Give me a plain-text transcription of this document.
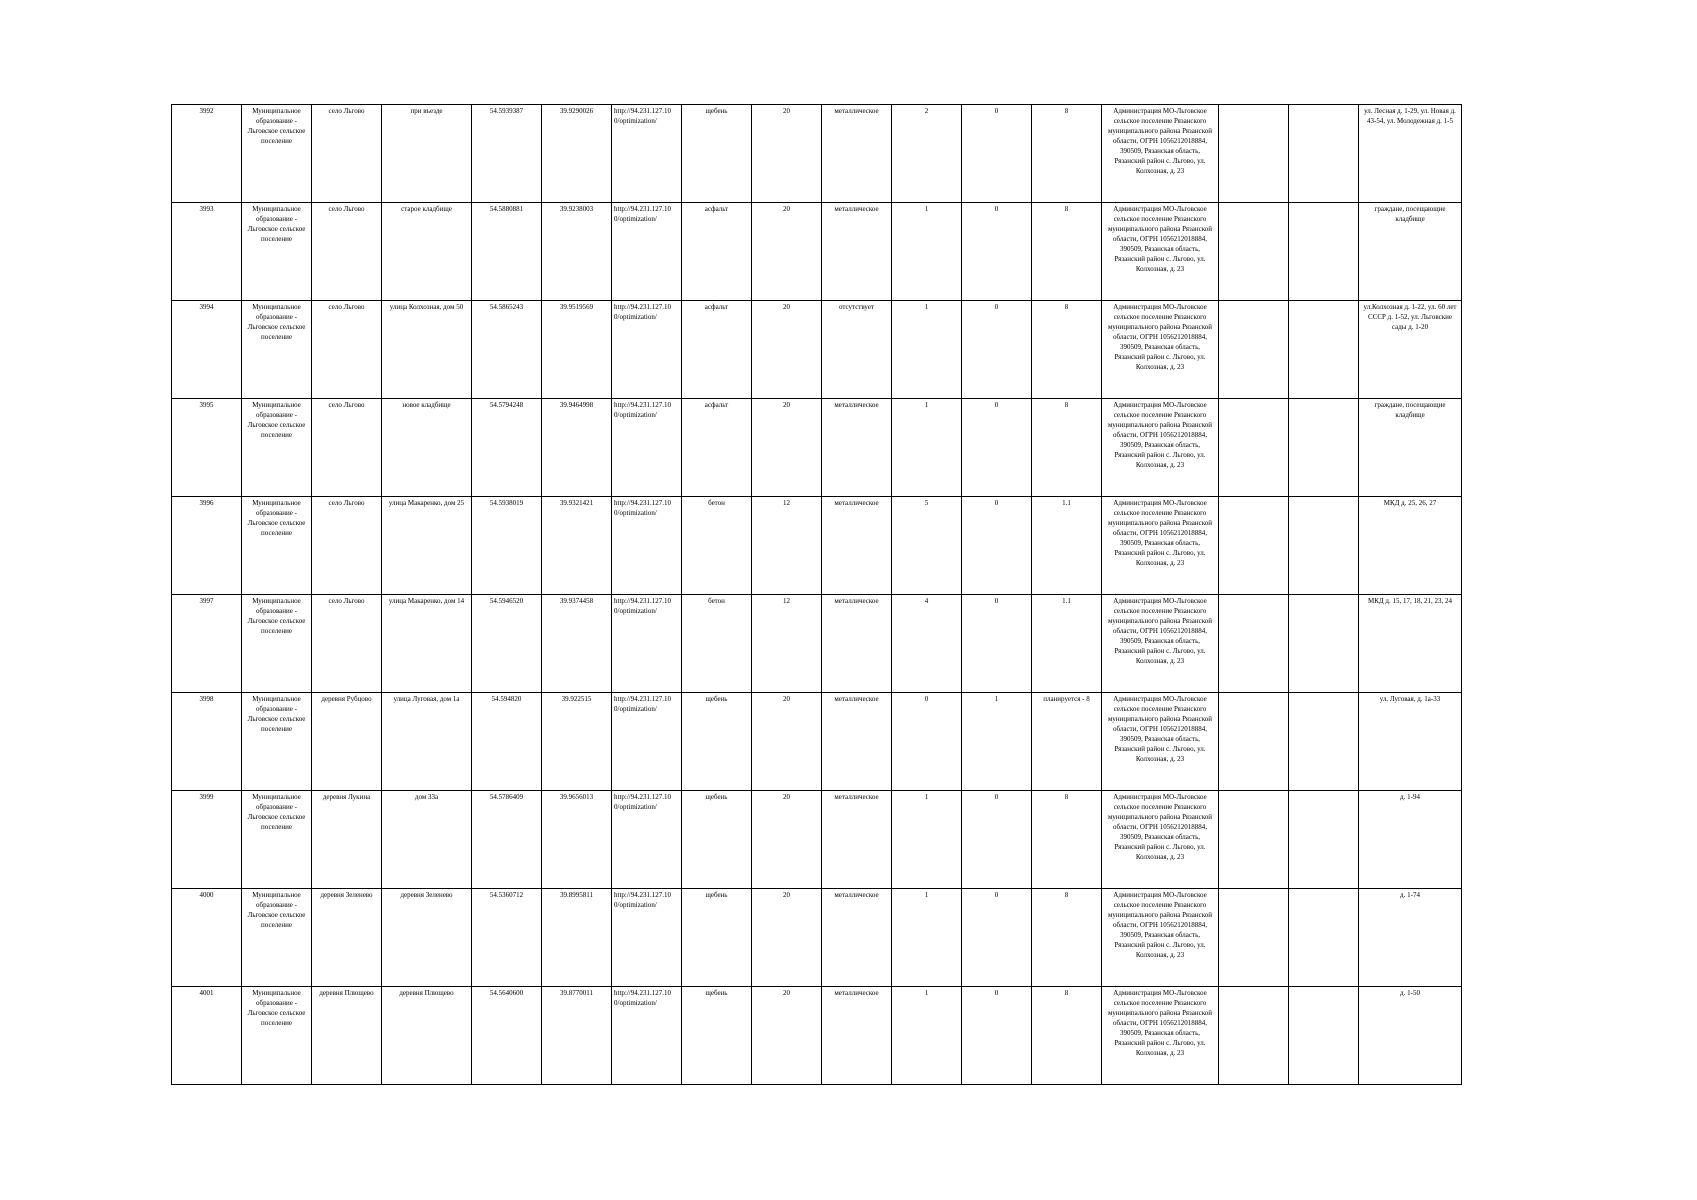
3992	Муниципальное образование - Льговское сельское поселение	село Льгово	при въезде	54.5939387	39.9290026	http://94.231.127.10 0/optimization/	щебень	20	металлическое	2	0	8	Администрация МО-Льговское сельское поселение Рязанского муниципального района Рязанской области, ОГРН 1056212018884, 390509, Рязанская область, Рязанский район с. Льгово, ул. Колхозная, д. 23			ул. Лесная д. 1-29, ул. Новая д. 43-54, ул. Молодежная д. 1-5
3993	Муниципальное образование - Льговское сельское поселение	село Льгово	старое кладбище	54.5880881	39.9238003	http://94.231.127.10 0/optimization/	асфальт	20	металлическое	1	0	8	Администрация МО-Льговское сельское поселение Рязанского муниципального района Рязанской области, ОГРН 1056212018884, 390509, Рязанская область, Рязанский район с. Льгово, ул. Колхозная, д. 23			граждане, посещающие кладбище
3994	Муниципальное образование - Льговское сельское поселение	село Льгово	улица Колхозная, дом 50	54.5865243	39.9519569	http://94.231.127.10 0/optimization/	асфальт	20	отсутствует	1	0	8	Администрация МО-Льговское сельское поселение Рязанского муниципального района Рязанской области, ОГРН 1056212018884, 390509, Рязанская область, Рязанский район с. Льгово, ул. Колхозная, д. 23			ул.Колхозная д. 1-22, ул. 60 лет СССР д. 1-52, ул. Льговские сады д. 1-20
3995	Муниципальное образование - Льговское сельское поселение	село Льгово	новое кладбище	54.5794248	39.9464998	http://94.231.127.10 0/optimization/	асфальт	20	металлическое	1	0	8	Администрация МО-Льговское сельское поселение Рязанского муниципального района Рязанской области, ОГРН 1056212018884, 390509, Рязанская область, Рязанский район с. Льгово, ул. Колхозная, д. 23			граждане, посещающие кладбище
3996	Муниципальное образование - Льговское сельское поселение	село Льгово	улица Макаренко, дом 25	54.5938019	39.9321421	http://94.231.127.10 0/optimization/	бетон	12	металлическое	5	0	1.1	Администрация МО-Льговское сельское поселение Рязанского муниципального района Рязанской области, ОГРН 1056212018884, 390509, Рязанская область, Рязанский район с. Льгово, ул. Колхозная, д. 23			МКД д. 25, 26, 27
3997	Муниципальное образование - Льговское сельское поселение	село Льгово	улица Макаренко, дом 14	54.5946520	39.9374458	http://94.231.127.10 0/optimization/	бетон	12	металлическое	4	0	1.1	Администрация МО-Льговское сельское поселение Рязанского муниципального района Рязанской области, ОГРН 1056212018884, 390509, Рязанская область, Рязанский район с. Льгово, ул. Колхозная, д. 23			МКД д. 15, 17, 18, 21, 23, 24
3998	Муниципальное образование - Льговское сельское поселение	деревня Рубцово	улица Луговая, дом 1а	54.594820	39.922515	http://94.231.127.10 0/optimization/	щебень	20	металлическое	0	1	планируется - 8	Администрация МО-Льговское сельское поселение Рязанского муниципального района Рязанской области, ОГРН 1056212018884, 390509, Рязанская область, Рязанский район с. Льгово, ул. Колхозная, д. 23			ул. Луговая, д. 1а-33
3999	Муниципальное образование - Льговское сельское поселение	деревня Лукина	дом 33а	54.5786409	39.9656013	http://94.231.127.10 0/optimization/	щебень	20	металлическое	1	0	8	Администрация МО-Льговское сельское поселение Рязанского муниципального района Рязанской области, ОГРН 1056212018884, 390509, Рязанская область, Рязанский район с. Льгово, ул. Колхозная, д. 23			д. 1-94
4000	Муниципальное образование - Льговское сельское поселение	деревня Зеленево	деревня Зеленево	54.5360712	39.8995811	http://94.231.127.10 0/optimization/	щебень	20	металлическое	1	0	8	Администрация МО-Льговское сельское поселение Рязанского муниципального района Рязанской области, ОГРН 1056212018884, 390509, Рязанская область, Рязанский район с. Льгово, ул. Колхозная, д. 23			д. 1-74
4001	Муниципальное образование - Льговское сельское поселение	деревня Плющево	деревня Плющево	54.5640600	39.8770011	http://94.231.127.10 0/optimization/	щебень	20	металлическое	1	0	8	Администрация МО-Льговское сельское поселение Рязанского муниципального района Рязанской области, ОГРН 1056212018884, 390509, Рязанская область, Рязанский район с. Льгово, ул. Колхозная, д. 23			д. 1-50
